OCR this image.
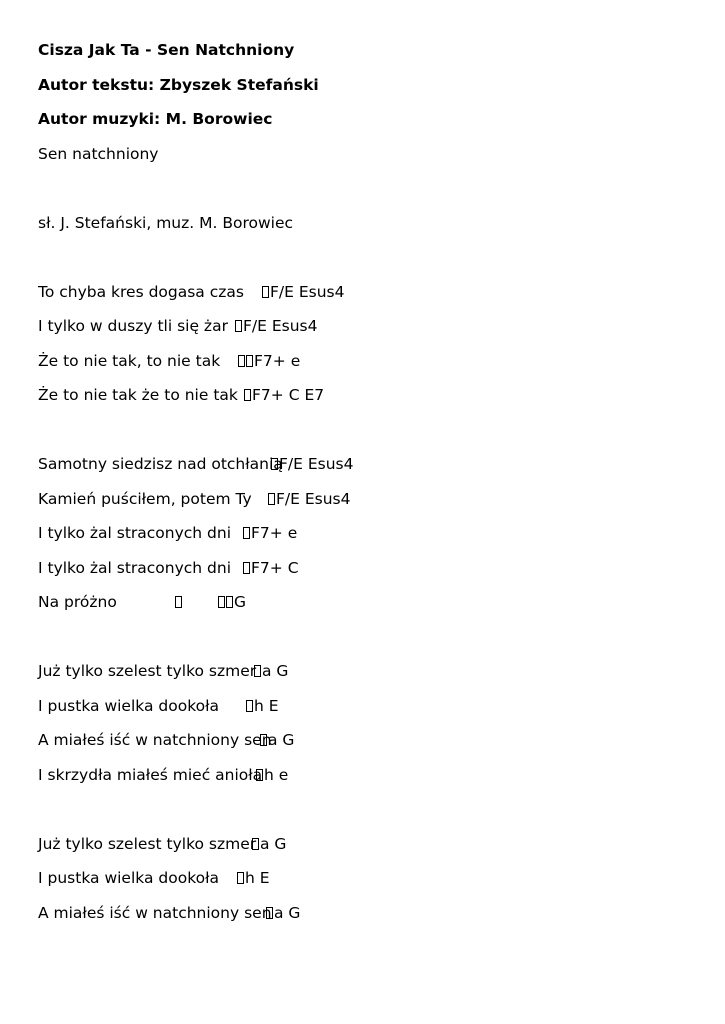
Cisza Jak Ta - Sen Natchniony
Autor tekstu: Zbyszek Stefański
Autor muzyki: M. Borowiec
Sen natchniony
sł. J. Stefański, muz. M. Borowiec
To chyba kres dogasa czas F/E Esus4
I tylko w duszy tli się żar F/E Esus4
Że to nie tak, to nie tak F7+ e
Że to nie tak że to nie tak F7+ C E7
Samotny siedzisz nad otchłaniąF/E Esus4
Kamień puściłem, potem Ty F/E Esus4
I tylko żal straconych dni F7+ e
I tylko żal straconych dni F7+ C
Na próżno	G
Już tylko szelest tylko szmer a G
I pustka wielka dookoła h E
A miałeś iść w natchniony sena G
I skrzydła miałeś mieć anioła h e
Już tylko szelest tylko szmer a G
I pustka wielka dookoła h E
A miałeś iść w natchniony sen a G
